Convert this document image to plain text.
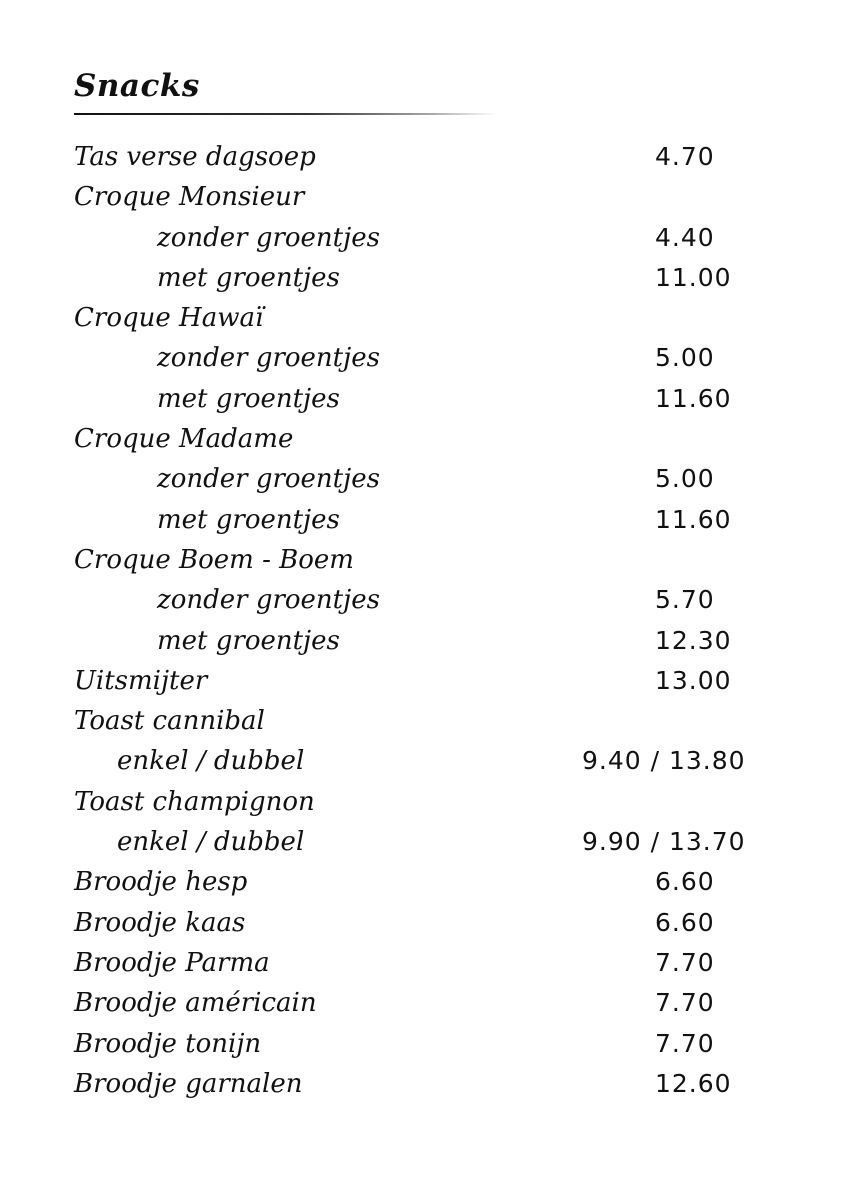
Snacks
Tas verse dagsoep	4.70
Croque Monsieur
zonder groentjes	4.40
met groentjes	11.00
Croque Hawaï
zonder groentjes	5.00
met groentjes	11.60
Croque Madame
zonder groentjes	5.00
met groentjes	11.60
Croque Boem - Boem
zonder groentjes	5.70
met groentjes	12.30
Uitsmijter	13.00
Toast cannibal
enkel / dubbel	9.40 / 13.80
Toast champignon
enkel / dubbel	9.90 / 13.70
Broodje hesp	6.60
Broodje kaas	6.60
Broodje Parma	7.70
Broodje américain	7.70
Broodje tonijn	7.70
Broodje garnalen	12.60
